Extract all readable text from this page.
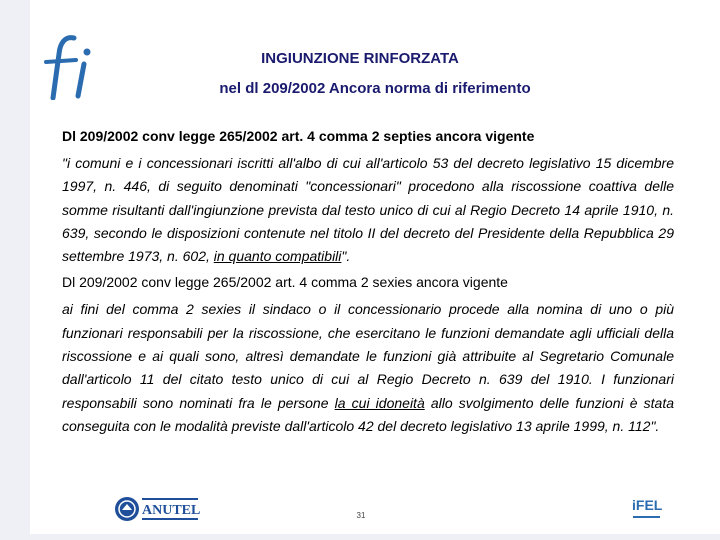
INGIUNZIONE RINFORZATA
nel dl 209/2002 Ancora norma di riferimento

Dl 209/2002 conv legge 265/2002 art. 4 comma 2 septies ancora vigente

"i comuni e i concessionari iscritti all'albo di cui all'articolo 53 del decreto legislativo 15 dicembre 1997, n. 446, di seguito denominati "concessionari" procedono alla riscossione coattiva delle somme risultanti dall'ingiunzione prevista dal testo unico di cui al Regio Decreto 14 aprile 1910, n. 639, secondo le disposizioni contenute nel titolo II del decreto del Presidente della Repubblica 29 settembre 1973, n. 602, in quanto compatibili".

Dl 209/2002 conv legge 265/2002 art. 4 comma 2 sexies ancora vigente

ai fini del comma 2 sexies il sindaco o il concessionario procede alla nomina di uno o più funzionari responsabili per la riscossione, che esercitano le funzioni demandate agli ufficiali della riscossione e ai quali sono, altresì demandate le funzioni già attribuite al Segretario Comunale dall'articolo 11 del citato testo unico di cui al Regio Decreto n. 639 del 1910. I funzionari responsabili sono nominati fra le persone la cui idoneità allo svolgimento delle funzioni è stata conseguita con le modalità previste dall'articolo 42 del decreto legislativo 13 aprile 1999, n. 112".

ANUTEL	31
iFEL
